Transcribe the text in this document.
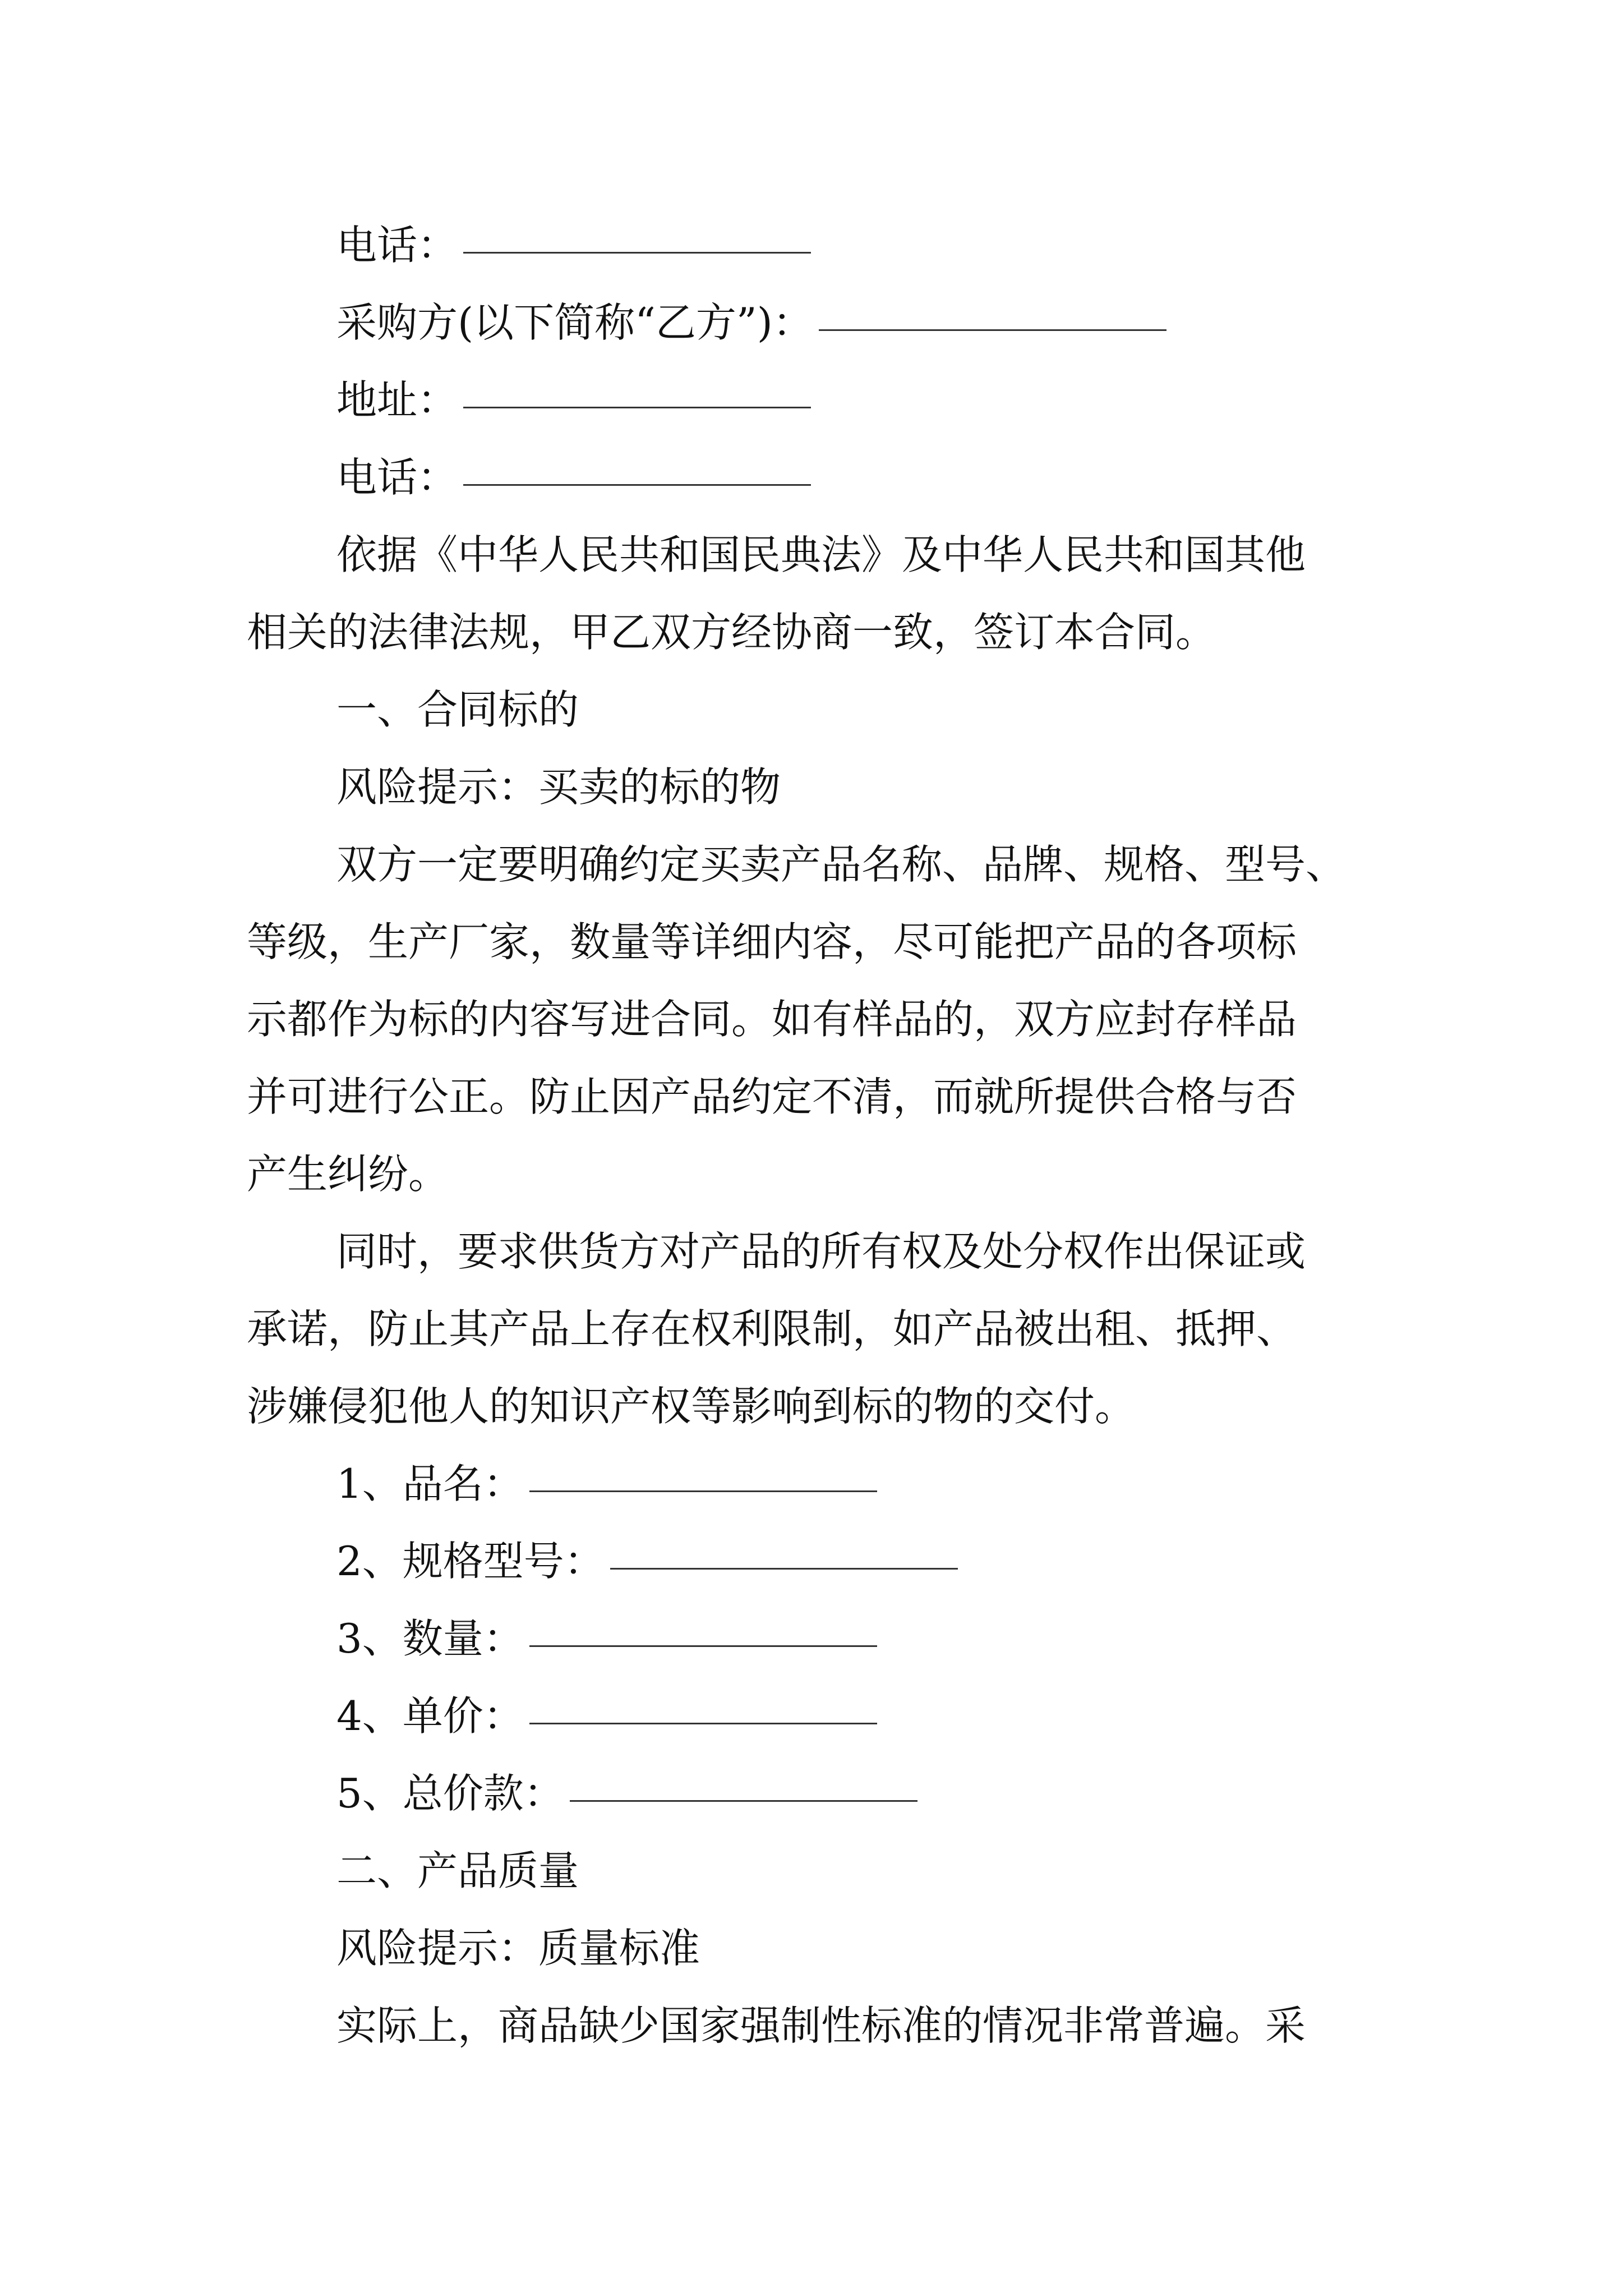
电话：
采购方(以下简称“乙方”)：
地址：
电话：
依据《中华人民共和国民典法》及中华人民共和国其他
相关的法律法规，甲乙双方经协商一致，签订本合同。
一、合同标的
风险提示：买卖的标的物
双方一定要明确约定买卖产品名称、品牌、规格、型号、
等级，生产厂家，数量等详细内容，尽可能把产品的各项标
示都作为标的内容写进合同。如有样品的，双方应封存样品
并可进行公正。防止因产品约定不清，而就所提供合格与否
产生纠纷。
同时，要求供货方对产品的所有权及处分权作出保证或
承诺，防止其产品上存在权利限制，如产品被出租、抵押、
涉嫌侵犯他人的知识产权等影响到标的物的交付。
1、品名：
2、规格型号：
3、数量：
4、单价：
5、总价款：
二、产品质量
风险提示：质量标准
实际上，商品缺少国家强制性标准的情况非常普遍。采
